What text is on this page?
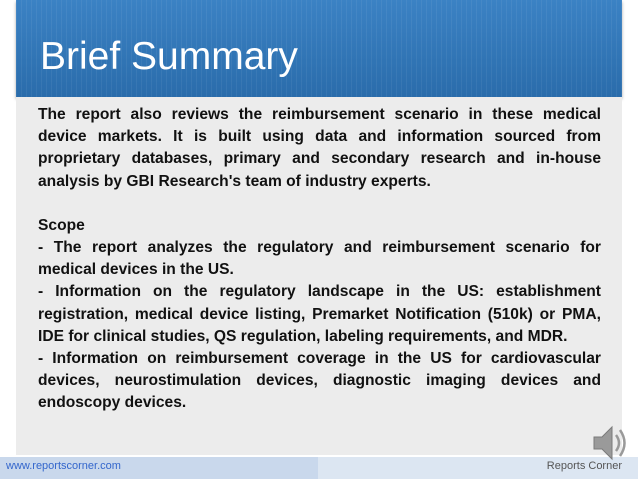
Brief Summary

The report also reviews the reimbursement scenario in these medical device markets. It is built using data and information sourced from proprietary databases, primary and secondary research and in-house analysis by GBI Research's team of industry experts.

Scope

- The report analyzes the regulatory and reimbursement scenario for medical devices in the US.

- Information on the regulatory landscape in the US: establishment registration, medical device listing, Premarket Notification (510k) or PMA, IDE for clinical studies, QS regulation, labeling requirements, and MDR.

- Information on reimbursement coverage in the US for cardiovascular devices, neurostimulation devices, diagnostic imaging devices and endoscopy devices.

www.reportscorner.com	Reports Corner
